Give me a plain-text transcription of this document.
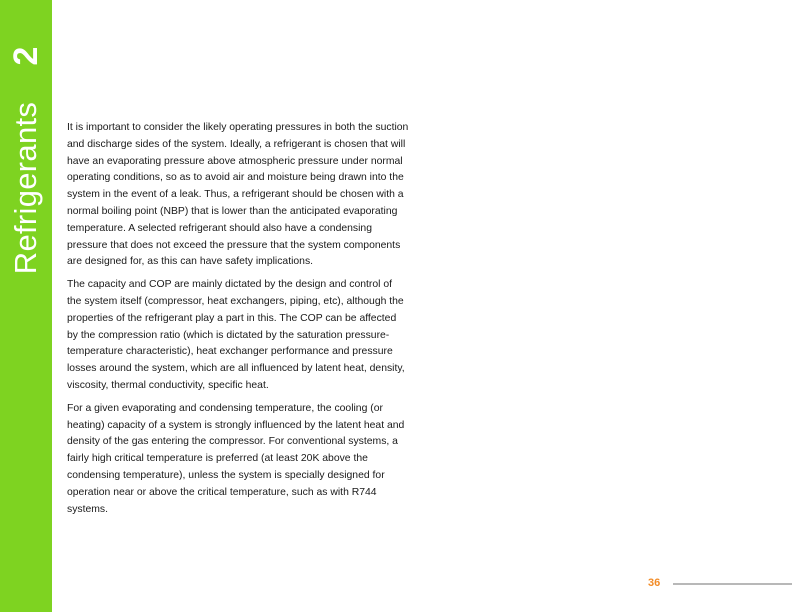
2
Refrigerants It is important to consider the likely operating pressures in both the suction and discharge sides of the system. Ideally, a refrigerant is chosen that will have an evaporating pressure above atmospheric pressure under normal operating conditions, so as to avoid air and moisture being drawn into the system in the event of a leak. Thus, a refrigerant should be chosen with a normal boiling point (NBP) that is lower than the anticipated evaporating temperature. A selected refrigerant should also have a condensing pressure that does not exceed the pressure that the system components are designed for, as this can have safety implications.

The capacity and COP are mainly dictated by the design and control of the system itself (compressor, heat exchangers, piping, etc), although the properties of the refrigerant play a part in this. The COP can be affected by the compression ratio (which is dictated by the saturation pressure-temperature characteristic), heat exchanger performance and pressure losses around the system, which are all influenced by latent heat, density, viscosity, thermal conductivity, specific heat.

For a given evaporating and condensing temperature, the cooling (or heating) capacity of a system is strongly influenced by the latent heat and density of the gas entering the compressor. For conventional systems, a fairly high critical temperature is preferred (at least 20K above the condensing temperature), unless the system is specially designed for operation near or above the critical temperature, such as with R744 systems.

36
